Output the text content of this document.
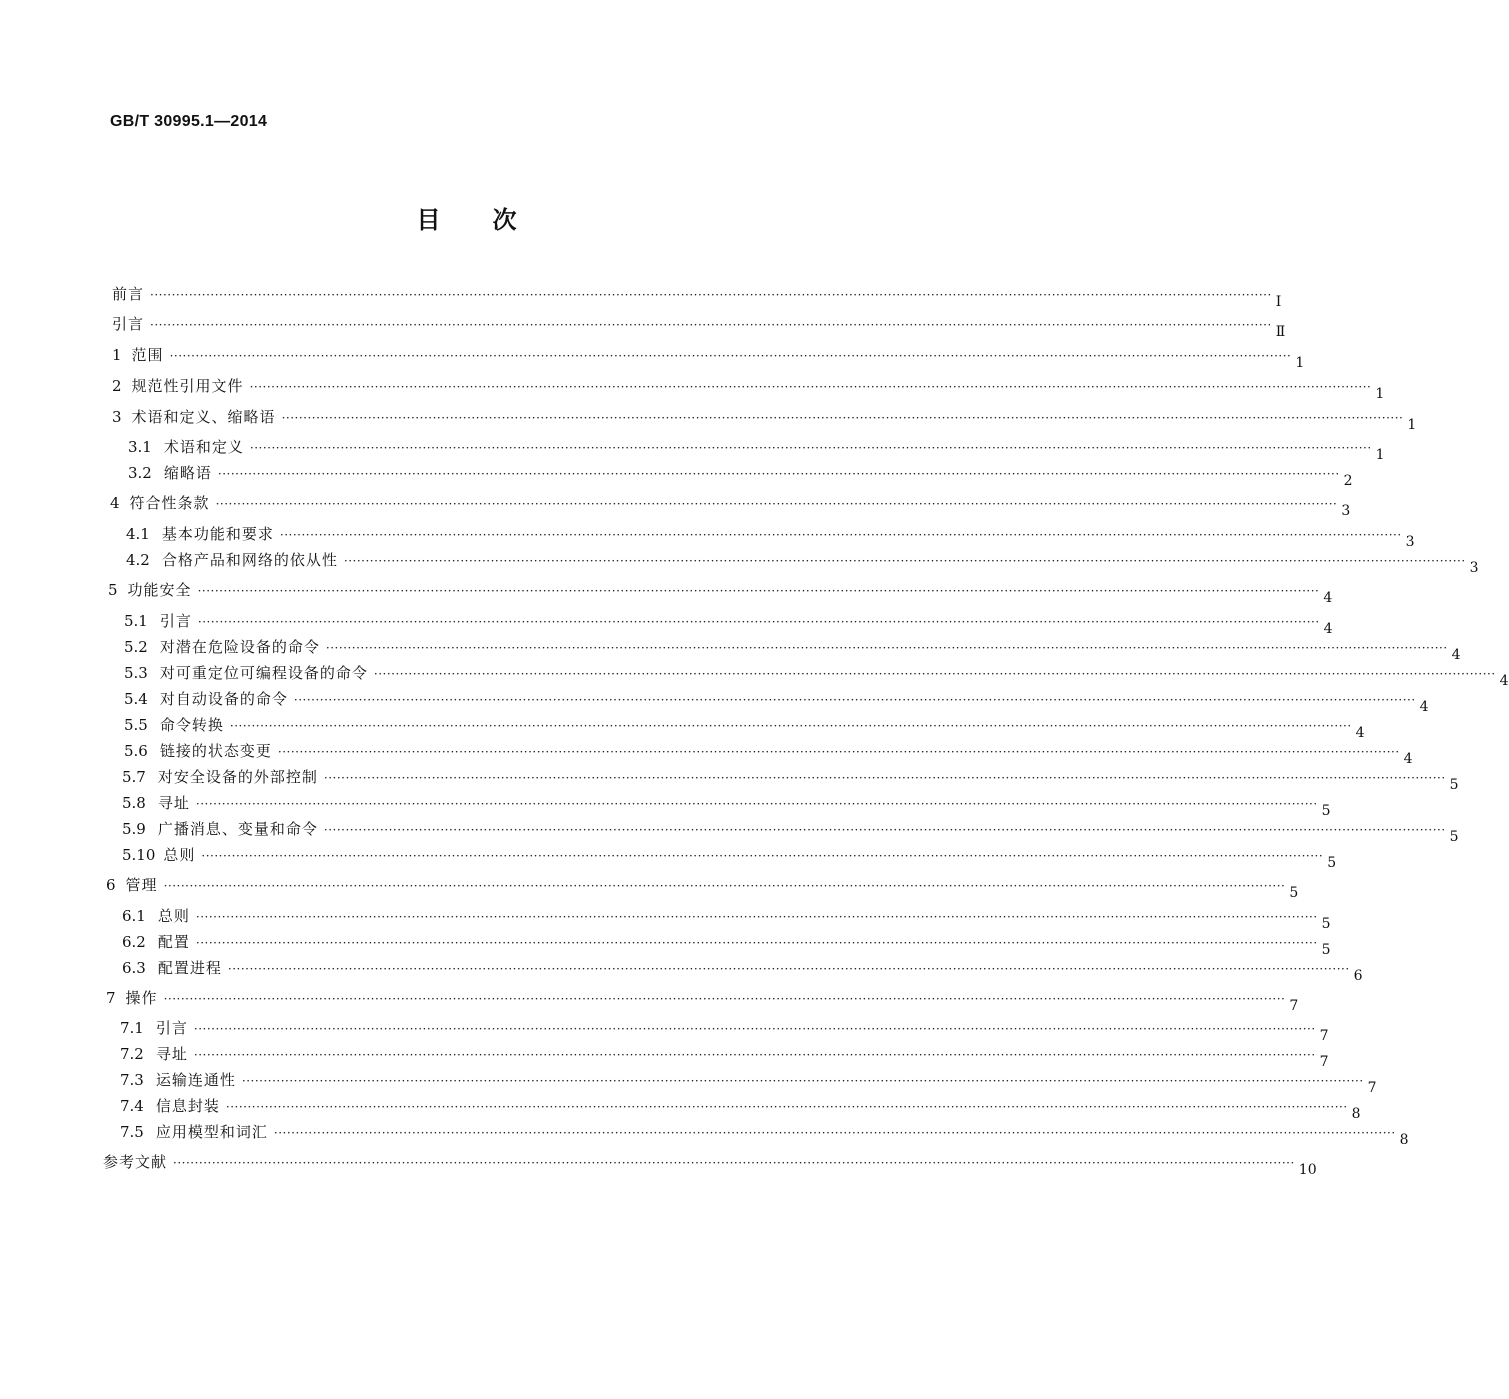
GB/T 30995.1—2014
目次
前言 ···································································································································································································································································· Ⅰ
引言 ···································································································································································································································································· Ⅱ
1 范围 ···································································································································································································································································· 1
2 规范性引用文件 ···································································································································································································································································· 1
3 术语和定义、缩略语 ···································································································································································································································································· 1
3.1 术语和定义 ···································································································································································································································································· 1
3.2 缩略语 ···································································································································································································································································· 2
4 符合性条款 ···································································································································································································································································· 3
4.1 基本功能和要求 ···································································································································································································································································· 3
4.2 合格产品和网络的依从性 ···································································································································································································································································· 3
5 功能安全 ···································································································································································································································································· 4
5.1 引言 ···································································································································································································································································· 4
5.2 对潜在危险设备的命令 ···································································································································································································································································· 4
5.3 对可重定位可编程设备的命令 ···································································································································································································································································· 4
5.4 对自动设备的命令 ···································································································································································································································································· 4
5.5 命令转换 ···································································································································································································································································· 4
5.6 链接的状态变更 ···································································································································································································································································· 4
5.7 对安全设备的外部控制 ···································································································································································································································································· 5
5.8 寻址 ···································································································································································································································································· 5
5.9 广播消息、变量和命令 ···································································································································································································································································· 5
5.10 总则 ···································································································································································································································································· 5
6 管理 ···································································································································································································································································· 5
6.1 总则 ···································································································································································································································································· 5
6.2 配置 ···································································································································································································································································· 5
6.3 配置进程 ···································································································································································································································································· 6
7 操作 ···································································································································································································································································· 7
7.1 引言 ···································································································································································································································································· 7
7.2 寻址 ···································································································································································································································································· 7
7.3 运输连通性 ···································································································································································································································································· 7
7.4 信息封装 ···································································································································································································································································· 8
7.5 应用模型和词汇 ···································································································································································································································································· 8
参考文献 ···································································································································································································································································· 10
